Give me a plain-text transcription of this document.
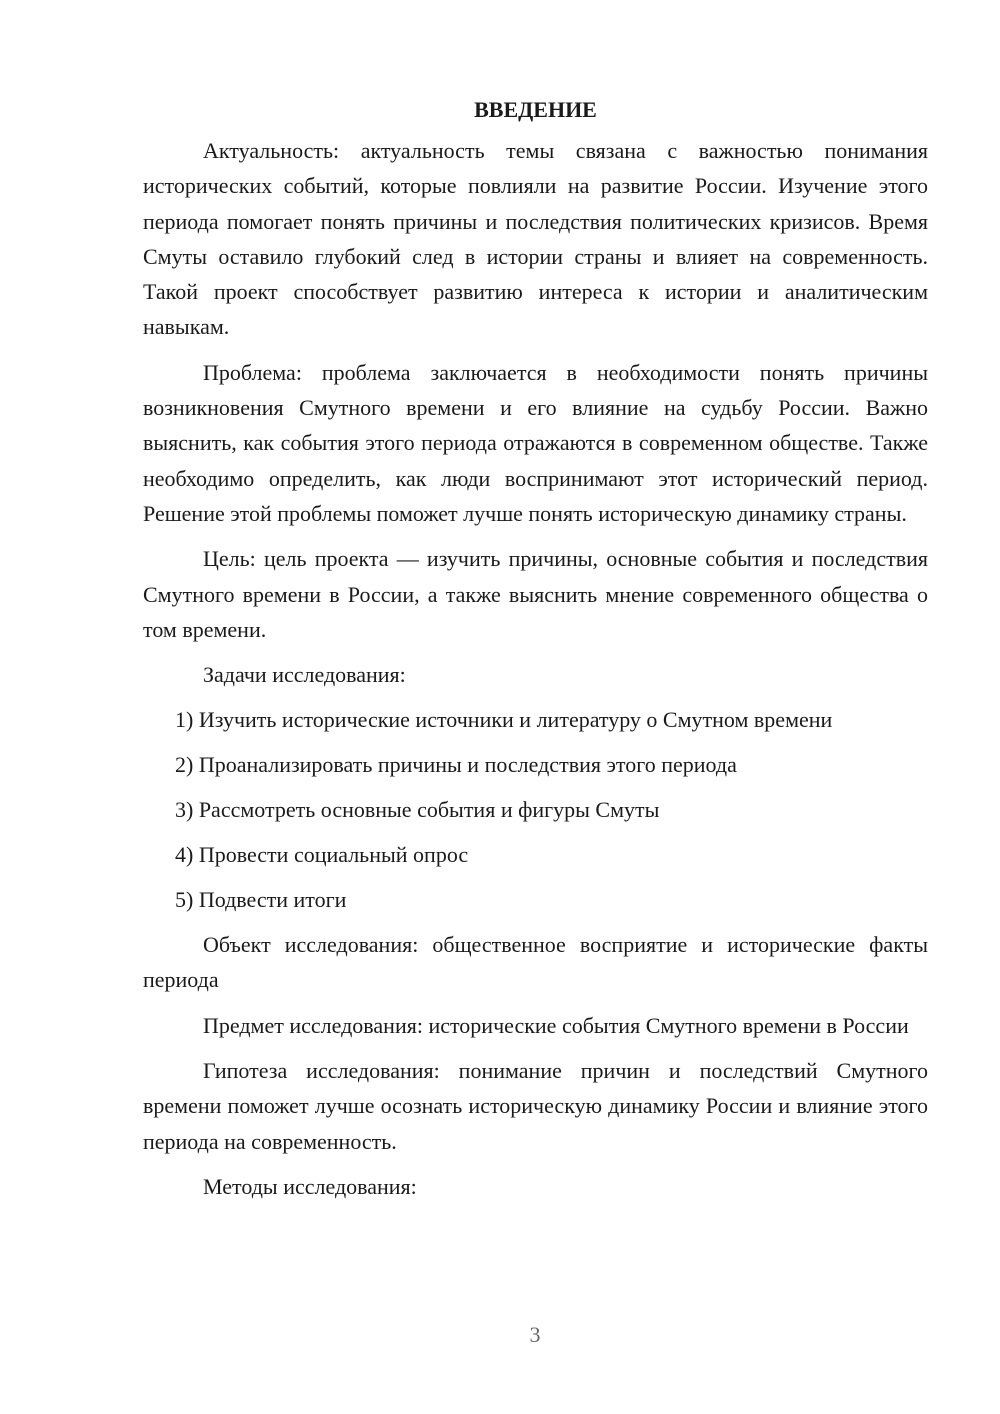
ВВЕДЕНИЕ

Актуальность: актуальность темы связана с важностью понимания исторических событий, которые повлияли на развитие России. Изучение этого периода помогает понять причины и последствия политических кризисов. Время Смуты оставило глубокий след в истории страны и влияет на современность. Такой проект способствует развитию интереса к истории и аналитическим навыкам.

Проблема: проблема заключается в необходимости понять причины возникновения Смутного времени и его влияние на судьбу России. Важно выяснить, как события этого периода отражаются в современном обществе. Также необходимо определить, как люди воспринимают этот исторический период. Решение этой проблемы поможет лучше понять историческую динамику страны.

Цель: цель проекта — изучить причины, основные события и последствия Смутного времени в России, а также выяснить мнение современного общества о том времени.

Задачи исследования:

1) Изучить исторические источники и литературу о Смутном времени
2) Проанализировать причины и последствия этого периода
3) Рассмотреть основные события и фигуры Смуты
4) Провести социальный опрос
5) Подвести итоги

Объект исследования: общественное восприятие и исторические факты периода

Предмет исследования: исторические события Смутного времени в России

Гипотеза исследования: понимание причин и последствий Смутного времени поможет лучше осознать историческую динамику России и влияние этого периода на современность.

Методы исследования:

3
